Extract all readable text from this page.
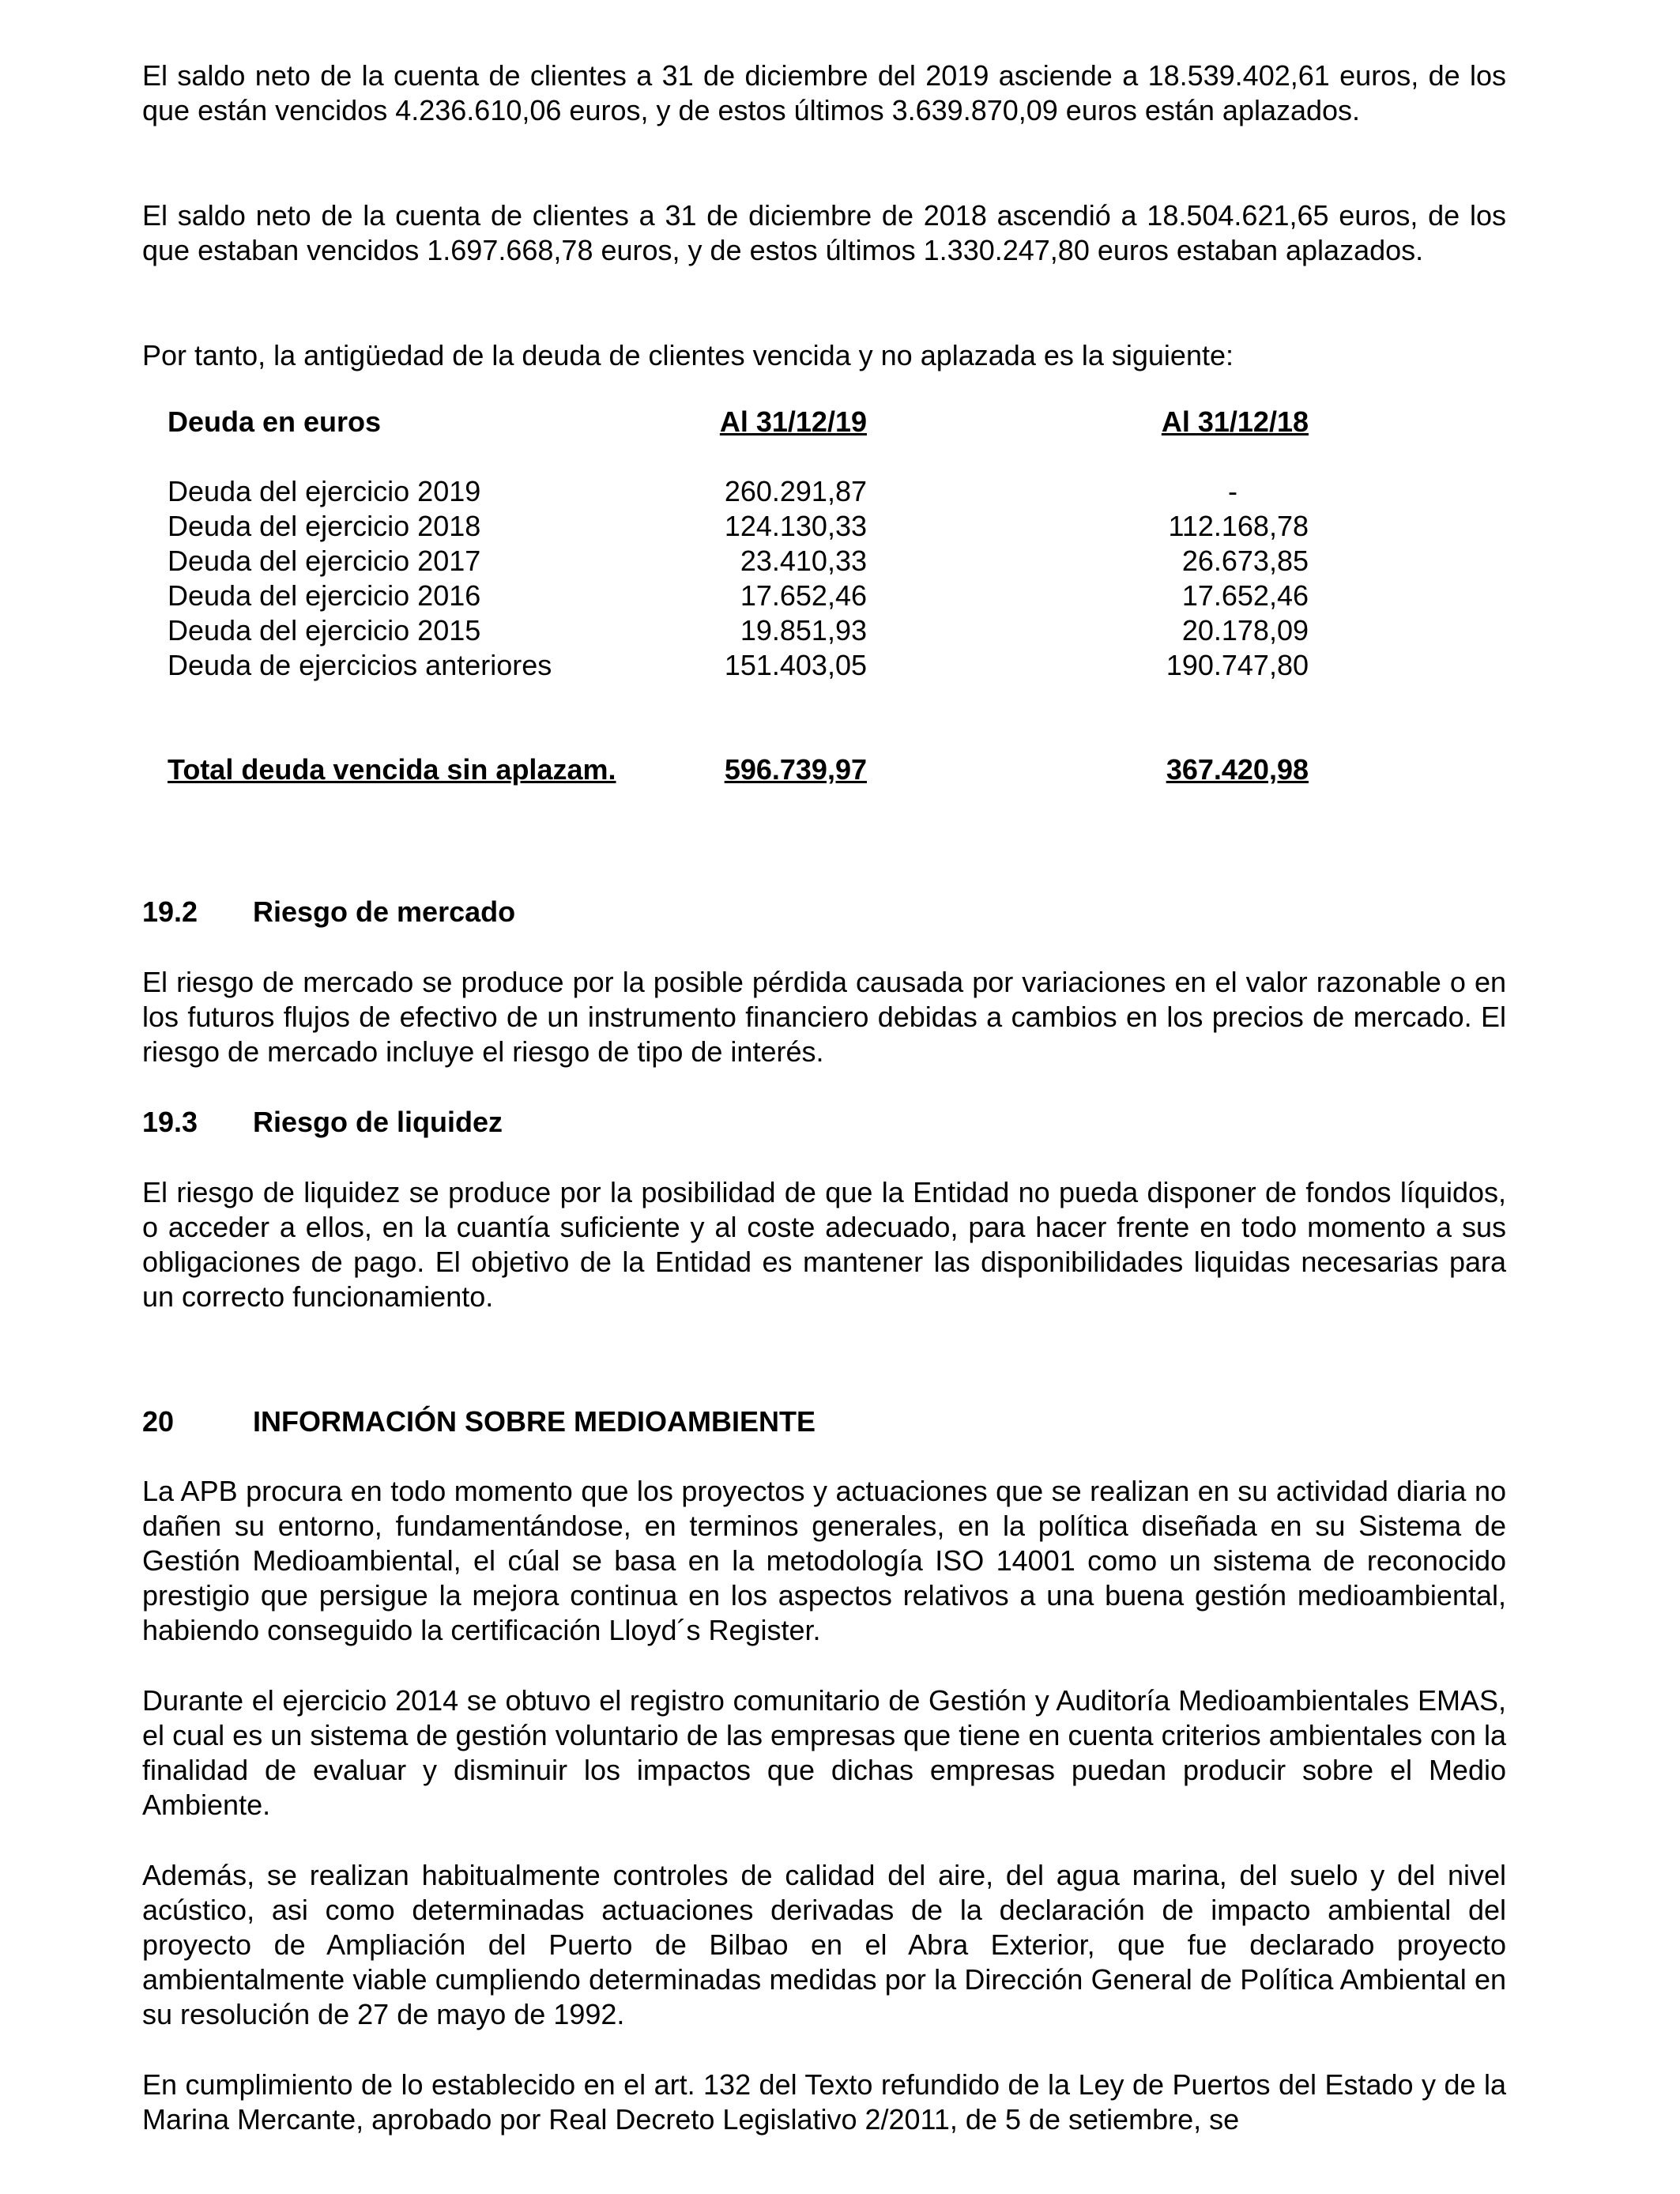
El saldo neto de la cuenta de clientes a 31 de diciembre del 2019 asciende a 18.539.402,61 euros, de los que están vencidos 4.236.610,06 euros, y de estos últimos 3.639.870,09 euros están aplazados.

El saldo neto de la cuenta de clientes a 31 de diciembre de 2018 ascendió a 18.504.621,65 euros, de los que estaban vencidos 1.697.668,78 euros, y de estos últimos 1.330.247,80 euros estaban aplazados.

Por tanto, la antigüedad de la deuda de clientes vencida y no aplazada es la siguiente:

Deuda en euros	Al 31/12/19	Al 31/12/18
Deuda del ejercicio 2019	260.291,87	-
Deuda del ejercicio 2018	124.130,33	112.168,78
Deuda del ejercicio 2017	23.410,33	26.673,85
Deuda del ejercicio 2016	17.652,46	17.652,46
Deuda del ejercicio 2015	19.851,93	20.178,09
Deuda de ejercicios anteriores	151.403,05	190.747,80
Total deuda vencida sin aplazam.	596.739,97	367.420,98
19.2 Riesgo de mercado

El riesgo de mercado se produce por la posible pérdida causada por variaciones en el valor razonable o en los futuros flujos de efectivo de un instrumento financiero debidas a cambios en los precios de mercado. El riesgo de mercado incluye el riesgo de tipo de interés.

19.3 Riesgo de liquidez

El riesgo de liquidez se produce por la posibilidad de que la Entidad no pueda disponer de fondos líquidos, o acceder a ellos, en la cuantía suficiente y al coste adecuado, para hacer frente en todo momento a sus obligaciones de pago. El objetivo de la Entidad es mantener las disponibilidades liquidas necesarias para un correcto funcionamiento.

20	INFORMACIÓN SOBRE MEDIOAMBIENTE

La APB procura en todo momento que los proyectos y actuaciones que se realizan en su actividad diaria no dañen su entorno, fundamentándose, en terminos generales, en la política diseñada en su Sistema de Gestión Medioambiental, el cúal se basa en la metodología ISO 14001 como un sistema de reconocido prestigio que persigue la mejora continua en los aspectos relativos a una buena gestión medioambiental, habiendo conseguido la certificación Lloyd´s Register.

Durante el ejercicio 2014 se obtuvo el registro comunitario de Gestión y Auditoría Medioambientales EMAS, el cual es un sistema de gestión voluntario de las empresas que tiene en cuenta criterios ambientales con la finalidad de evaluar y disminuir los impactos que dichas empresas puedan producir sobre el Medio Ambiente.

Además, se realizan habitualmente controles de calidad del aire, del agua marina, del suelo y del nivel acústico, asi como determinadas actuaciones derivadas de la declaración de impacto ambiental del proyecto de Ampliación del Puerto de Bilbao en el Abra Exterior, que fue declarado proyecto ambientalmente viable cumpliendo determinadas medidas por la Dirección General de Política Ambiental en su resolución de 27 de mayo de 1992.

En cumplimiento de lo establecido en el art. 132 del Texto refundido de la Ley de Puertos del Estado y de la Marina Mercante, aprobado por Real Decreto Legislativo 2/2011, de 5 de setiembre, se
